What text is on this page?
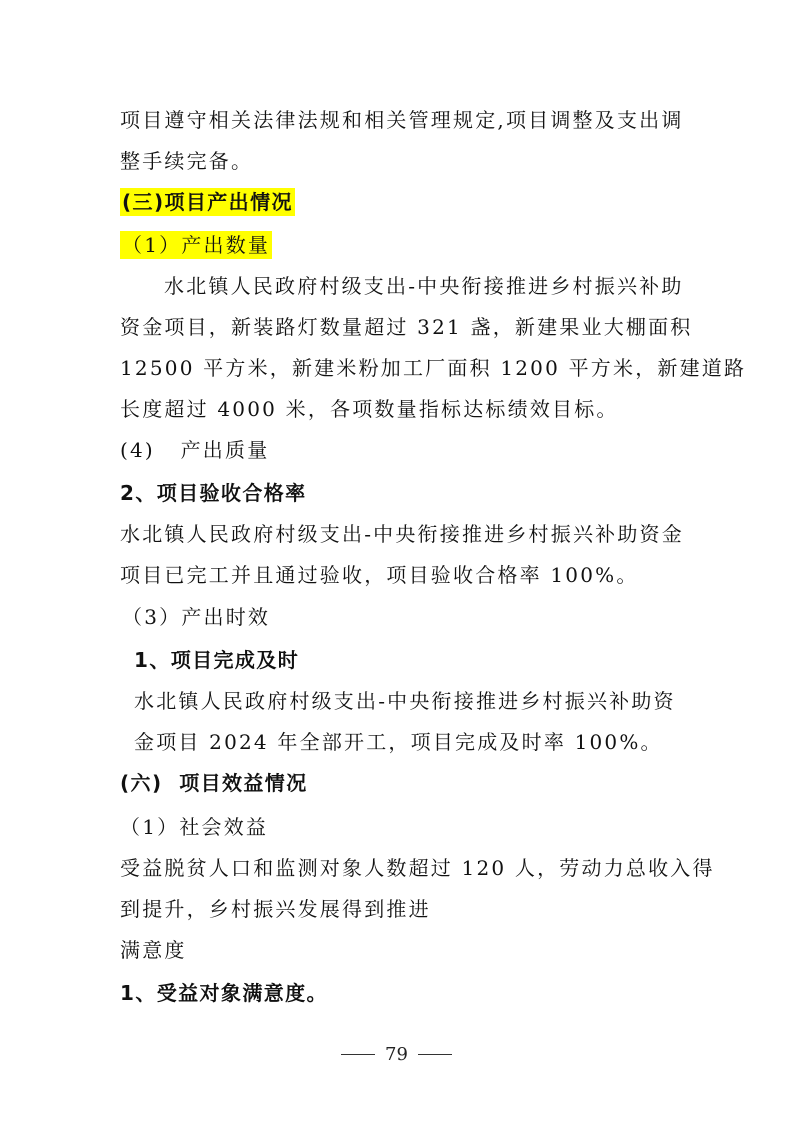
项目遵守相关法律法规和相关管理规定,项目调整及支出调
整手续完备。
(三)项目产出情况
（1）产出数量
水北镇人民政府村级支出-中央衔接推进乡村振兴补助
资金项目，新装路灯数量超过 321 盏，新建果业大棚面积
12500 平方米，新建米粉加工厂面积 1200 平方米，新建道路
长度超过 4000 米，各项数量指标达标绩效目标。
(4)   产出质量
2、项目验收合格率
水北镇人民政府村级支出-中央衔接推进乡村振兴补助资金
项目已完工并且通过验收，项目验收合格率 100%。
（3）产出时效
1、项目完成及时
水北镇人民政府村级支出-中央衔接推进乡村振兴补助资
金项目 2024 年全部开工，项目完成及时率 100%。
(六)  项目效益情况
（1）社会效益
受益脱贫人口和监测对象人数超过 120 人，劳动力总收入得
到提升，乡村振兴发展得到推进
满意度
1、受益对象满意度。
79
